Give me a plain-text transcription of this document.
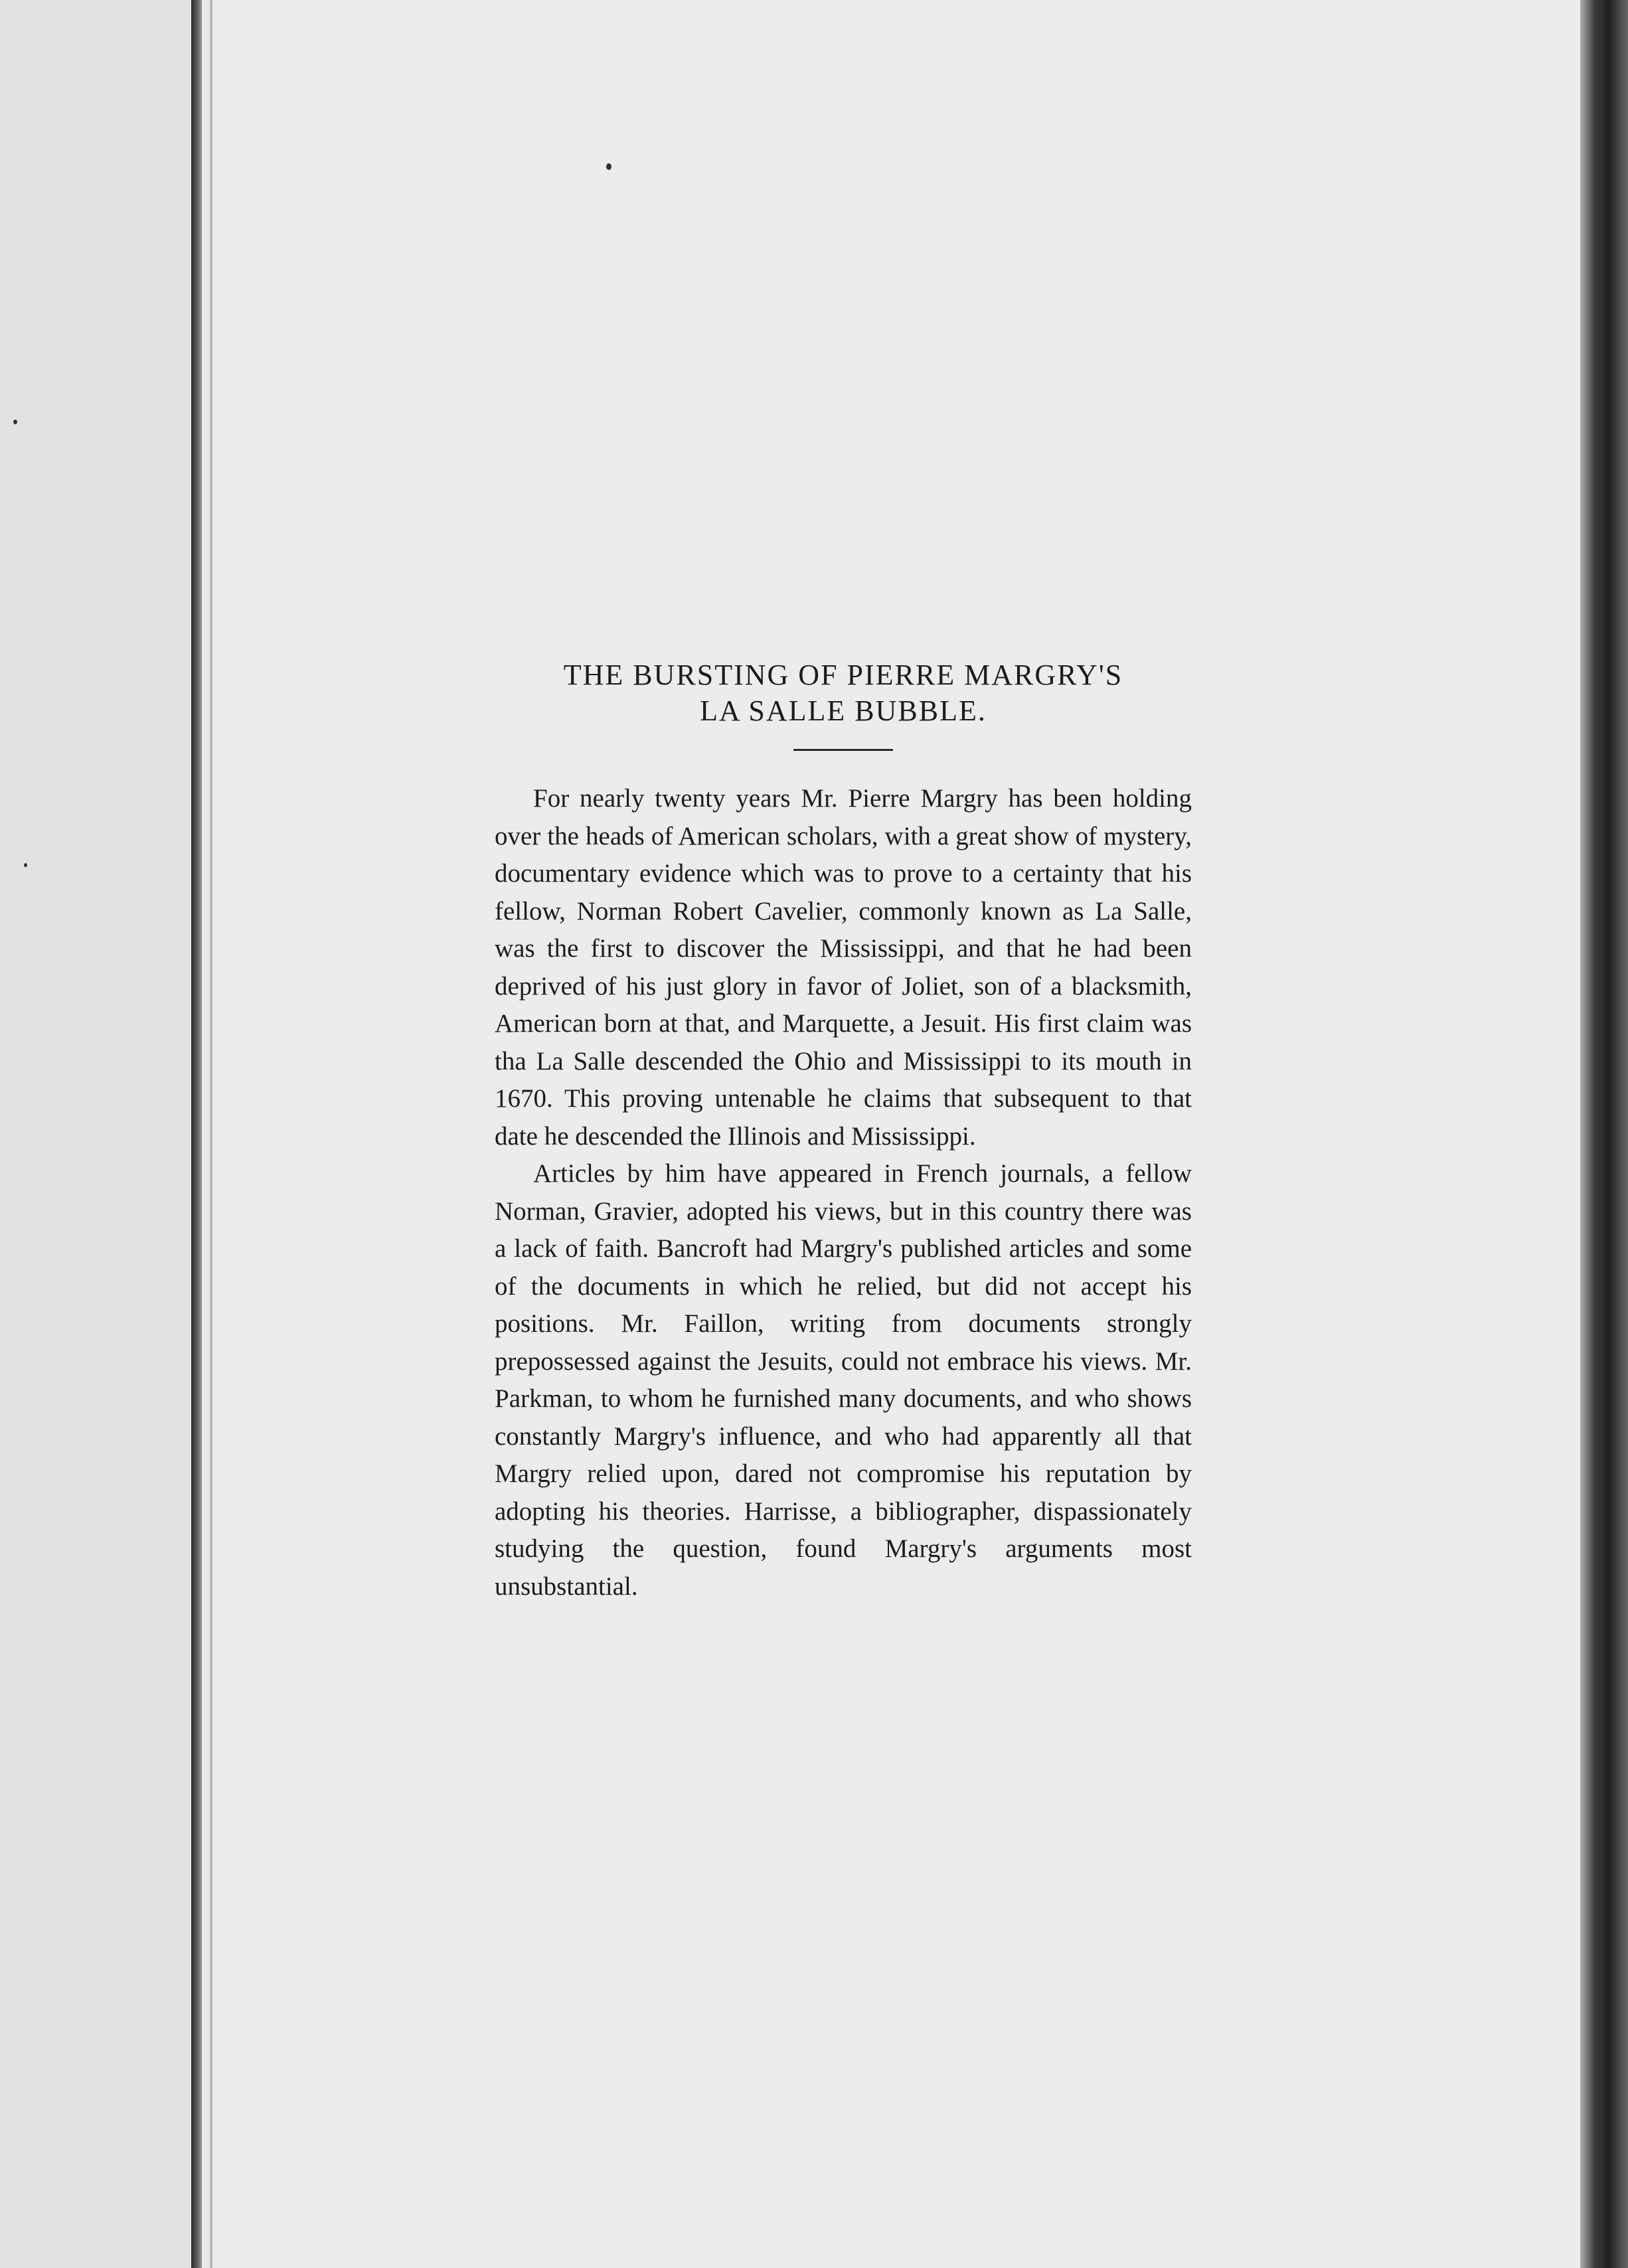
THE BURSTING OF PIERRE MARGRY'S
LA SALLE BUBBLE.

For nearly twenty years Mr. Pierre Margry has been holding over the heads of American scholars, with a great show of mystery, documentary evidence which was to prove to a certainty that his fellow, Norman Robert Cavelier, commonly known as La Salle, was the first to discover the Mississippi, and that he had been deprived of his just glory in favor of Joliet, son of a blacksmith, American born at that, and Marquette, a Jesuit. His first claim was tha La Salle descended the Ohio and Mississippi to its mouth in 1670. This proving untenable he claims that subsequent to that date he descended the Illinois and Mississippi.

Articles by him have appeared in French journals, a fellow Norman, Gravier, adopted his views, but in this country there was a lack of faith. Bancroft had Margry's published articles and some of the documents in which he relied, but did not accept his positions. Mr. Faillon, writing from documents strongly prepossessed against the Jesuits, could not embrace his views. Mr. Parkman, to whom he furnished many documents, and who shows constantly Margry's influence, and who had apparently all that Margry relied upon, dared not compromise his reputation by adopting his theories. Harrisse, a bibliographer, dispassionately studying the question, found Margry's arguments most unsubstantial.
